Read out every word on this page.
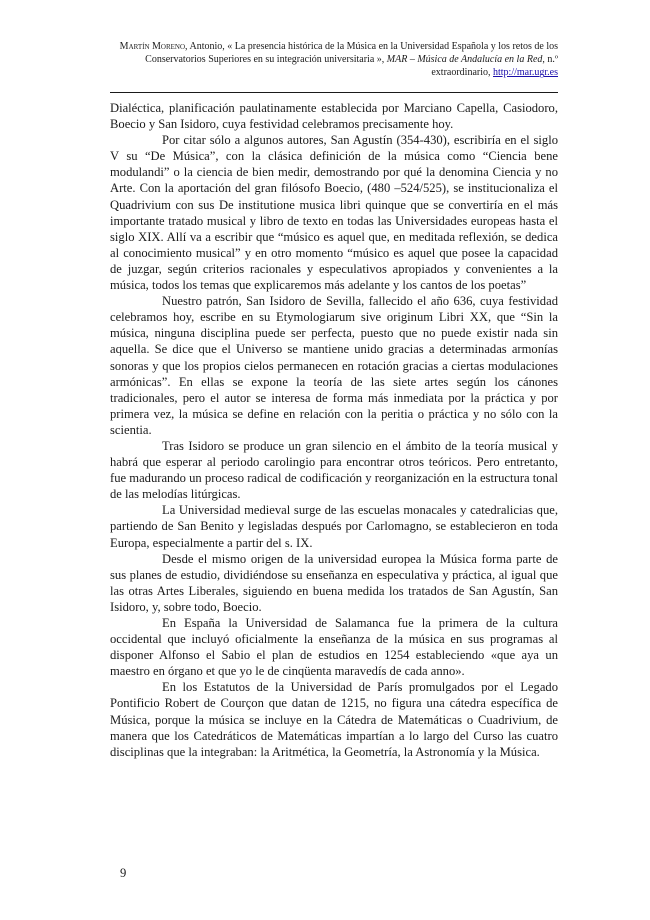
Martín Moreno, Antonio, « La presencia histórica de la Música en la Universidad Española y los retos de los Conservatorios Superiores en su integración universitaria », MAR – Música de Andalucía en la Red, n.º extraordinario, http://mar.ugr.es

Dialéctica, planificación paulatinamente establecida por Marciano Capella, Casiodoro, Boecio y San Isidoro, cuya festividad celebramos precisamente hoy.

Por citar sólo a algunos autores, San Agustín (354-430), escribiría en el siglo V su “De Música”, con la clásica definición de la música como “Ciencia bene modulandi” o la ciencia de bien medir, demostrando por qué la denomina Ciencia y no Arte. Con la aportación del gran filósofo Boecio, (480 –524/525), se institucionaliza el Quadrivium con sus De institutione musica libri quinque que se convertiría en el más importante tratado musical y libro de texto en todas las Universidades europeas hasta el siglo XIX. Allí va a escribir que “músico es aquel que, en meditada reflexión, se dedica al conocimiento musical” y en otro momento “músico es aquel que posee la capacidad de juzgar, según criterios racionales y especulativos apropiados y convenientes a la música, todos los temas que explicaremos más adelante y los cantos de los poetas”

Nuestro patrón, San Isidoro de Sevilla, fallecido el año 636, cuya festividad celebramos hoy, escribe en su Etymologiarum sive originum Libri XX, que “Sin la música, ninguna disciplina puede ser perfecta, puesto que no puede existir nada sin aquella. Se dice que el Universo se mantiene unido gracias a determinadas armonías sonoras y que los propios cielos permanecen en rotación gracias a ciertas modulaciones armónicas”. En ellas se expone la teoría de las siete artes según los cánones tradicionales, pero el autor se interesa de forma más inmediata por la práctica y por primera vez, la música se define en relación con la peritia o práctica y no sólo con la scientia.

Tras Isidoro se produce un gran silencio en el ámbito de la teoría musical y habrá que esperar al periodo carolingio para encontrar otros teóricos. Pero entretanto, fue madurando un proceso radical de codificación y reorganización en la estructura tonal de las melodías litúrgicas.

La Universidad medieval surge de las escuelas monacales y catedralicias que, partiendo de San Benito y legisladas después por Carlomagno, se establecieron en toda Europa, especialmente a partir del s. IX.

Desde el mismo origen de la universidad europea la Música forma parte de sus planes de estudio, dividiéndose su enseñanza en especulativa y práctica, al igual que las otras Artes Liberales, siguiendo en buena medida los tratados de San Agustín, San Isidoro, y, sobre todo, Boecio.

En España la Universidad de Salamanca fue la primera de la cultura occidental que incluyó oficialmente la enseñanza de la música en sus programas al disponer Alfonso el Sabio el plan de estudios en 1254 estableciendo «que aya un maestro en órgano et que yo le de cinqüenta maravedís de cada anno».

En los Estatutos de la Universidad de París promulgados por el Legado Pontificio Robert de Courçon que datan de 1215, no figura una cátedra específica de Música, porque la música se incluye en la Cátedra de Matemáticas o Cuadrivium, de manera que los Catedráticos de Matemáticas impartían a lo largo del Curso las cuatro disciplinas que la integraban: la Aritmética, la Geometría, la Astronomía y la Música.

9
